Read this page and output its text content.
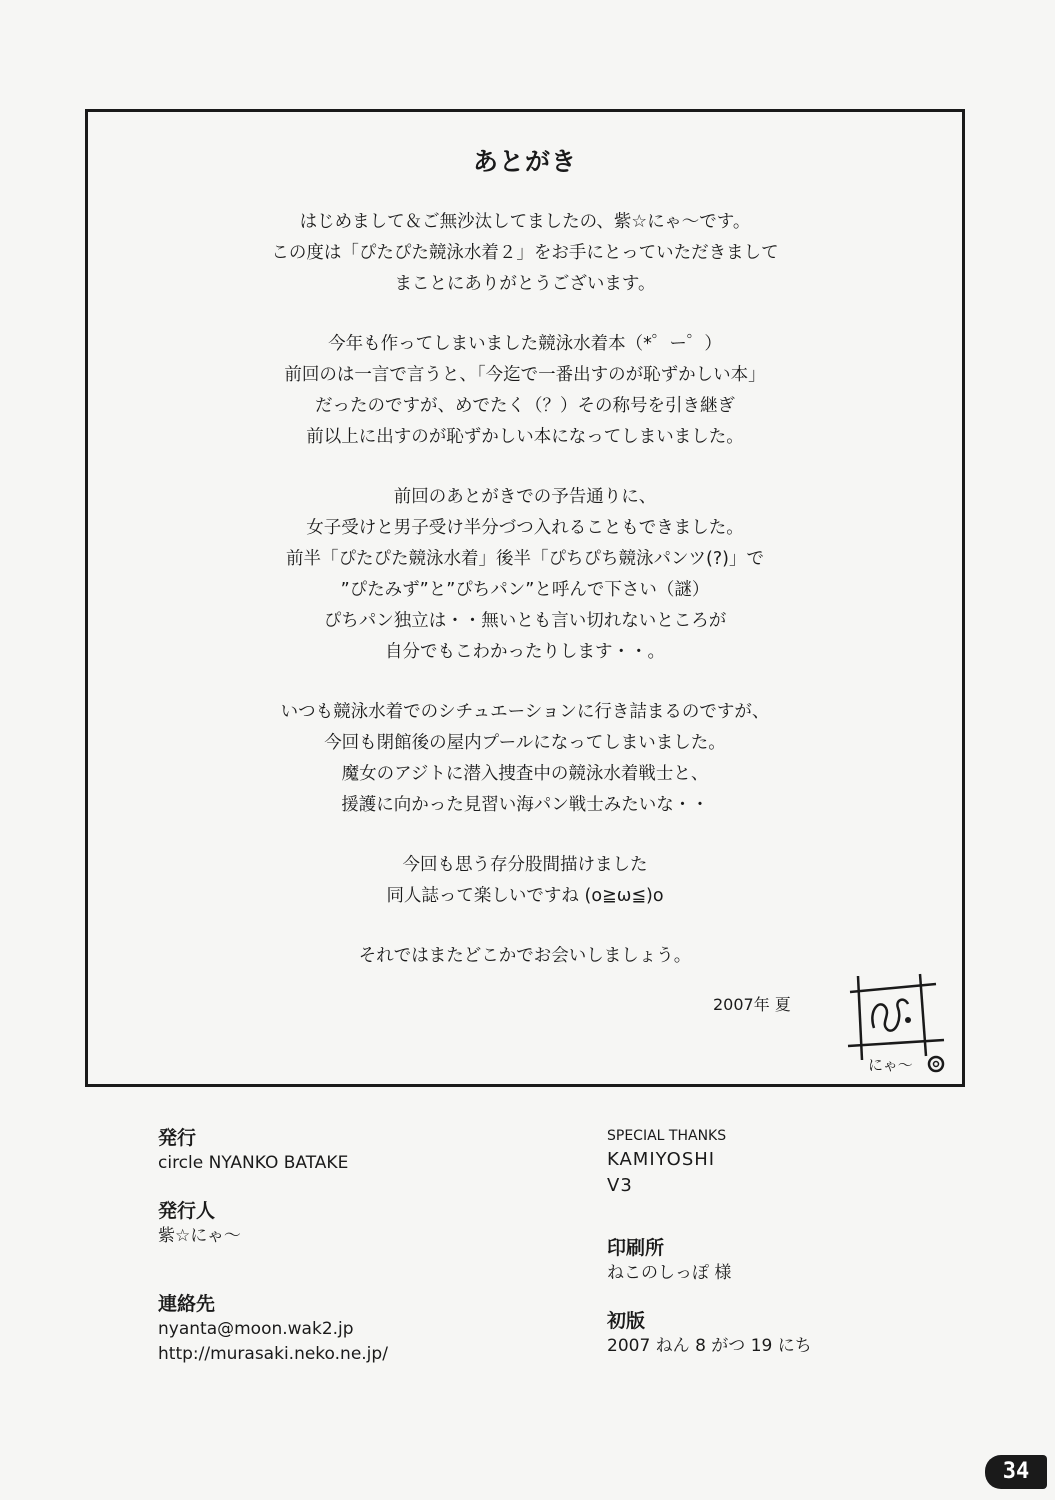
あとがき
はじめまして＆ご無沙汰してましたの、紫☆にゃ～です。
この度は「ぴたぴた競泳水着２」をお手にとっていただきまして
まことにありがとうございます。
今年も作ってしまいました競泳水着本（*゜ー゜）
前回のは一言で言うと、「今迄で一番出すのが恥ずかしい本」
だったのですが、めでたく（？）その称号を引き継ぎ
前以上に出すのが恥ずかしい本になってしまいました。
前回のあとがきでの予告通りに、
女子受けと男子受け半分づつ入れることもできました。
前半「ぴたぴた競泳水着」後半「ぴちぴち競泳パンツ(?)」で
”ぴたみず”と”ぴちパン”と呼んで下さい（謎）
ぴちパン独立は・・無いとも言い切れないところが
自分でもこわかったりします・・。
いつも競泳水着でのシチュエーションに行き詰まるのですが、
今回も閉館後の屋内プールになってしまいました。
魔女のアジトに潜入捜査中の競泳水着戦士と、
援護に向かった見習い海パン戦士みたいな・・
今回も思う存分股間描けました
同人誌って楽しいですね (o≧ω≦)o
それではまたどこかでお会いしましょう。
2007年 夏
にゃ～
発行
circle NYANKO BATAKE
発行人
紫☆にゃ～
連絡先
nyanta@moon.wak2.jp
http://murasaki.neko.ne.jp/
SPECIAL THANKS
KAMIYOSHI
V3
印刷所
ねこのしっぽ 様
初版
2007 ねん 8 がつ 19 にち
34
